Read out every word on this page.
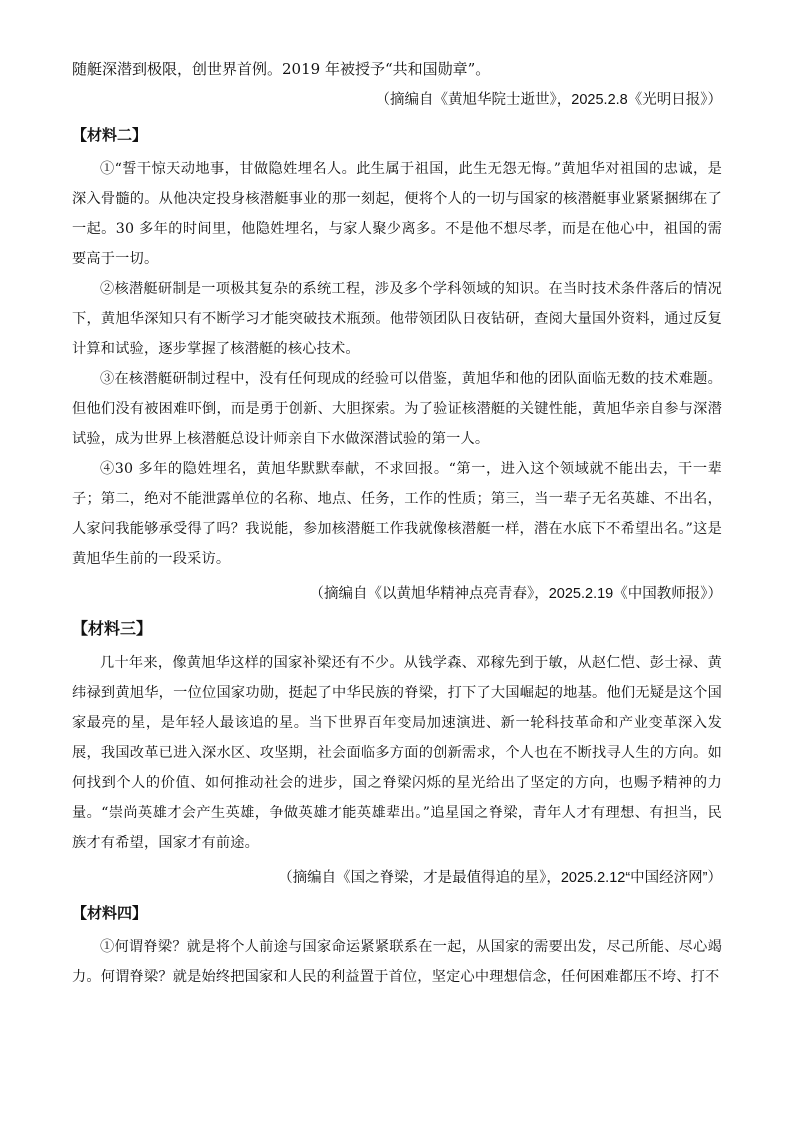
随艇深潜到极限，创世界首例。2019 年被授予“共和国勋章”。

（摘编自《黄旭华院士逝世》，2025.2.8《光明日报》）

【材料二】

①“誓干惊天动地事，甘做隐姓埋名人。此生属于祖国，此生无怨无悔。”黄旭华对祖国的忠诚，是深入骨髓的。从他决定投身核潜艇事业的那一刻起，便将个人的一切与国家的核潜艇事业紧紧捆绑在了一起。30 多年的时间里，他隐姓埋名，与家人聚少离多。不是他不想尽孝，而是在他心中，祖国的需要高于一切。

②核潜艇研制是一项极其复杂的系统工程，涉及多个学科领域的知识。在当时技术条件落后的情况下，黄旭华深知只有不断学习才能突破技术瓶颈。他带领团队日夜钻研，查阅大量国外资料，通过反复计算和试验，逐步掌握了核潜艇的核心技术。

③在核潜艇研制过程中，没有任何现成的经验可以借鉴，黄旭华和他的团队面临无数的技术难题。但他们没有被困难吓倒，而是勇于创新、大胆探索。为了验证核潜艇的关键性能，黄旭华亲自参与深潜试验，成为世界上核潜艇总设计师亲自下水做深潜试验的第一人。

④30 多年的隐姓埋名，黄旭华默默奉献，不求回报。“第一，进入这个领域就不能出去，干一辈子；第二，绝对不能泄露单位的名称、地点、任务，工作的性质；第三，当一辈子无名英雄、不出名，人家问我能够承受得了吗？我说能，参加核潜艇工作我就像核潜艇一样，潜在水底下不希望出名。”这是黄旭华生前的一段采访。

（摘编自《以黄旭华精神点亮青春》，2025.2.19《中国教师报》）

【材料三】

几十年来，像黄旭华这样的国家补梁还有不少。从钱学森、邓稼先到于敏，从赵仁恺、彭士禄、黄纬禄到黄旭华，一位位国家功勋，挺起了中华民族的脊梁，打下了大国崛起的地基。他们无疑是这个国家最亮的星，是年轻人最该追的星。当下世界百年变局加速演进、新一轮科技革命和产业变革深入发展，我国改革已进入深水区、攻坚期，社会面临多方面的创新需求，个人也在不断找寻人生的方向。如何找到个人的价值、如何推动社会的进步，国之脊梁闪烁的星光给出了坚定的方向，也赐予精神的力量。“崇尚英雄才会产生英雄，争做英雄才能英雄辈出。”追星国之脊梁，青年人才有理想、有担当，民族才有希望，国家才有前途。

（摘编自《国之脊梁，才是最值得追的星》，2025.2.12“中国经济网”）

【材料四】

①何谓脊梁？就是将个人前途与国家命运紧紧联系在一起，从国家的需要出发，尽己所能、尽心竭力。何谓脊梁？就是始终把国家和人民的利益置于首位，坚定心中理想信念，任何困难都压不垮、打不
